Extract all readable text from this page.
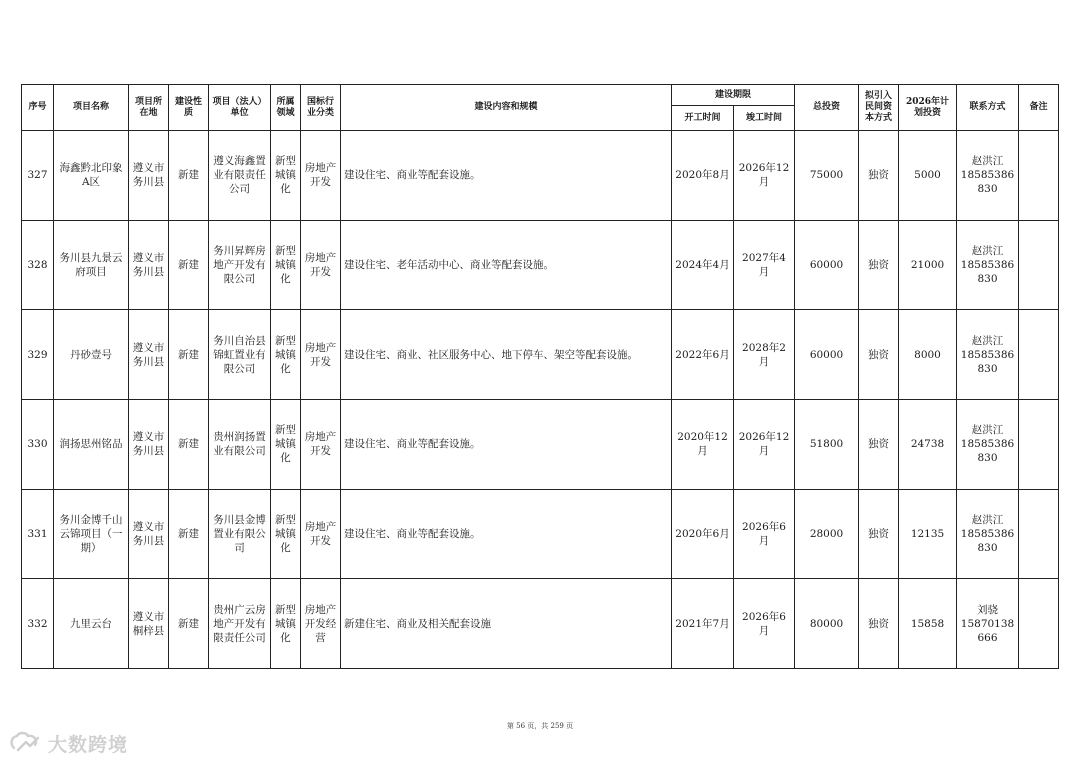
序号	项目名称	项目所在地	建设性质	项目（法人）单位	所属领域	国标行业分类	建设内容和规模	建设期限		总投资	拟引入民间资本方式	2026年计划投资	联系方式	备注
								开工时间	竣工时间					
327	海鑫黔北印象A区	遵义市务川县	新建	遵义海鑫置业有限责任公司	新型城镇化	房地产开发	建设住宅、商业等配套设施。	2020年8月	2026年12月	75000	独资	5000	赵洪江
18585386830	

328	务川县九景云府项目	遵义市务川县	新建	务川昇辉房地产开发有限公司	新型城镇化	房地产开发	建设住宅、老年活动中心、商业等配套设施。	2024年4月	2027年4月	60000	独资	21000	赵洪江
18585386830	

329	丹砂壹号	遵义市务川县	新建	务川自治县锦虹置业有限公司	新型城镇化	房地产开发	建设住宅、商业、社区服务中心、地下停车、架空等配套设施。	2022年6月	2028年2月	60000	独资	8000	赵洪江
18585386830	

330	润扬思州铭品	遵义市务川县	新建	贵州润扬置业有限公司	新型城镇化	房地产开发	建设住宅、商业等配套设施。	2020年12月	2026年12月	51800	独资	24738	赵洪江
18585386830	

331	务川金博千山云锦项目（一期）	遵义市务川县	新建	务川县金博置业有限公司	新型城镇化	房地产开发	建设住宅、商业等配套设施。	2020年6月	2026年6月	28000	独资	12135	赵洪江
18585386830	

332	九里云台	遵义市桐梓县	新建	贵州广云房地产开发有限责任公司	新型城镇化	房地产开发经营	新建住宅、商业及相关配套设施	2021年7月	2026年6月	80000	独资	15858	刘骁
15870138666	

第 56 页，共 259 页
大数跨境
